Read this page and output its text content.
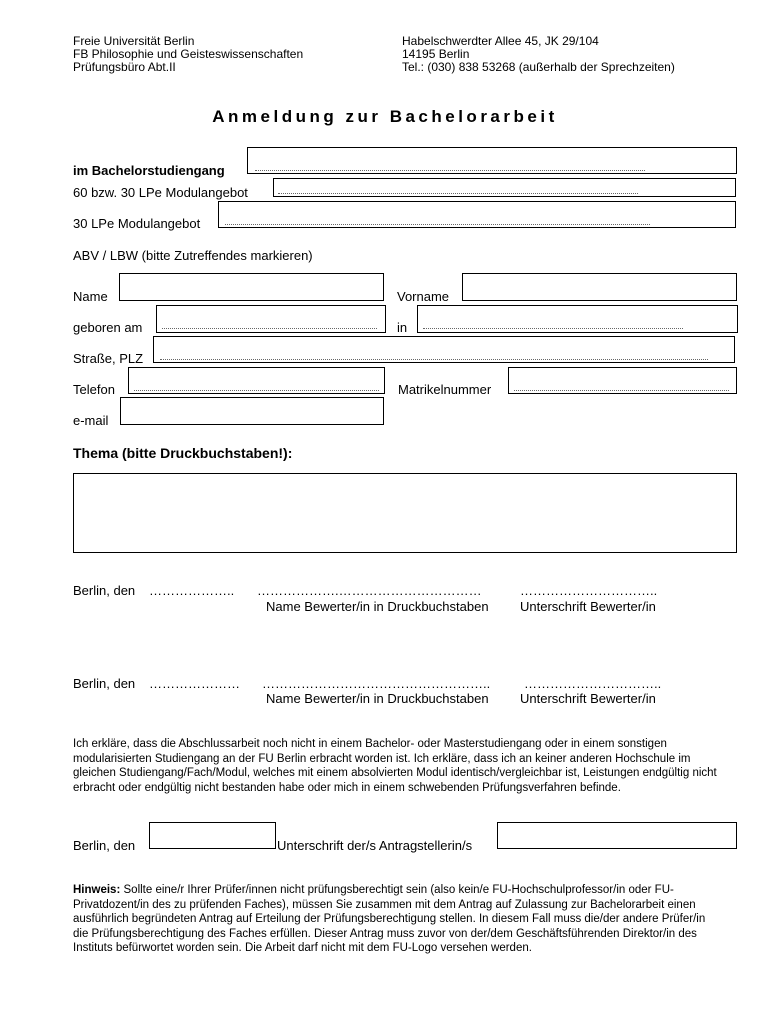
Freie Universität Berlin
FB Philosophie und Geisteswissenschaften
Prüfungsbüro Abt.II
Habelschwerdter Allee 45, JK 29/104
14195 Berlin
Tel.: (030) 838 53268 (außerhalb der Sprechzeiten)
Anmeldung zur Bachelorarbeit
im Bachelorstudiengang
60 bzw. 30 LPe Modulangebot
30 LPe Modulangebot
ABV / LBW (bitte Zutreffendes markieren)
Name	Vorname
geboren am	in
Straße, PLZ
Telefon	Matrikelnummer
e-mail
Thema (bitte Druckbuchstaben!):
Berlin, den ……………….. ……………….……………………………	…………………………..
Name Bewerter/in in Druckbuchstaben Unterschrift Bewerter/in
Berlin, den ………………… ……………………………………………..	…………………………..
Name Bewerter/in in Druckbuchstaben Unterschrift Bewerter/in
Ich erkläre, dass die Abschlussarbeit noch nicht in einem Bachelor- oder Masterstudiengang oder in einem sonstigen modularisierten Studiengang an der FU Berlin erbracht worden ist. Ich erkläre, dass ich an keiner anderen Hochschule im gleichen Studiengang/Fach/Modul, welches mit einem absolvierten Modul identisch/vergleichbar ist, Leistungen endgültig nicht erbracht oder endgültig nicht bestanden habe oder mich in einem schwebenden Prüfungsverfahren befinde.
Berlin, den	Unterschrift der/s Antragstellerin/s
Hinweis: Sollte eine/r Ihrer Prüfer/innen nicht prüfungsberechtigt sein (also kein/e FU-Hochschulprofessor/in oder FU-Privatdozent/in des zu prüfenden Faches), müssen Sie zusammen mit dem Antrag auf Zulassung zur Bachelorarbeit einen ausführlich begründeten Antrag auf Erteilung der Prüfungsberechtigung stellen. In diesem Fall muss die/der andere Prüfer/in die Prüfungsberechtigung des Faches erfüllen. Dieser Antrag muss zuvor von der/dem Geschäftsführenden Direktor/in des Instituts befürwortet worden sein. Die Arbeit darf nicht mit dem FU-Logo versehen werden.
